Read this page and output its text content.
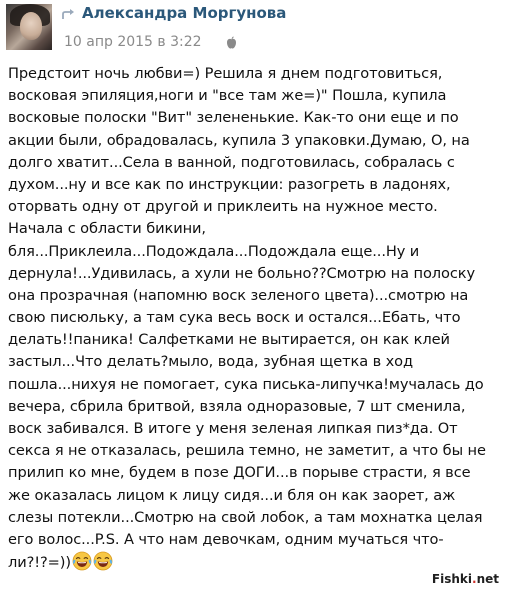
Александра Моргунова
10 апр 2015 в 3:22
Предстоит ночь любви=) Решила я днем подготовиться,
восковая эпиляция,ноги и "все там же=)" Пошла, купила
восковые полоски "Вит" зелененькие. Как-то они еще и по
акции были, обрадовалась, купила 3 упаковки.Думаю, О, на
долго хватит...Села в ванной, подготовилась, собралась с
духом...ну и все как по инструкции: разогреть в ладонях,
оторвать одну от другой и приклеить на нужное место.
Начала с области бикини,
бля...Приклеила...Подождала...Подождала еще...Ну и
дернула!...Удивилась, а хули не больно??Смотрю на полоску
она прозрачная (напомню воск зеленого цвета)...смотрю на
свою писюльку, а там сука весь воск и остался...Ебать, что
делать!!паника! Салфетками не вытирается, он как клей
застыл...Что делать?мыло, вода, зубная щетка в ход
пошла...нихуя не помогает, сука писька-липучка!мучалась до
вечера, сбрила бритвой, взяла одноразовые, 7 шт сменила,
воск забивался. В итоге у меня зеленая липкая пиз*да. От
секса я не отказалась, решила темно, не заметит, а что бы не
прилип ко мне, будем в позе ДОГИ...в порыве страсти, я все
же оказалась лицом к лицу сидя...и бля он как заорет, аж
слезы потекли...Смотрю на свой лобок, а там мохнатка целая
его волос...P.S. А что нам девочкам, одним мучаться что-
ли?!?=))
Fishki.net
